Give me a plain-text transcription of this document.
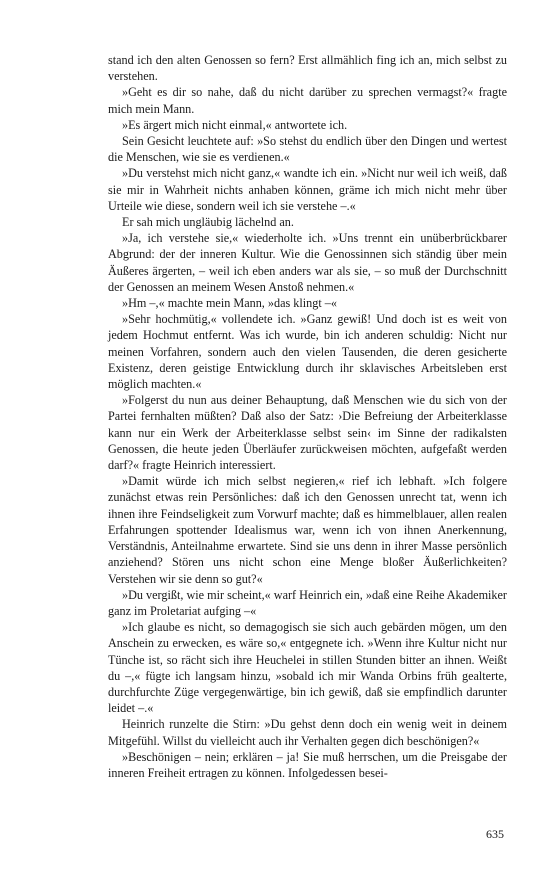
stand ich den alten Genossen so fern? Erst allmählich fing ich an, mich selbst zu verstehen.

»Geht es dir so nahe, daß du nicht darüber zu sprechen vermagst?« fragte mich mein Mann.

»Es ärgert mich nicht einmal,« antwortete ich.

Sein Gesicht leuchtete auf: »So stehst du endlich über den Dingen und wertest die Menschen, wie sie es verdienen.«

»Du verstehst mich nicht ganz,« wandte ich ein. »Nicht nur weil ich weiß, daß sie mir in Wahrheit nichts anhaben können, gräme ich mich nicht mehr über Urteile wie diese, sondern weil ich sie verstehe –.«

Er sah mich ungläubig lächelnd an.

»Ja, ich verstehe sie,« wiederholte ich. »Uns trennt ein unüberbrückbarer Abgrund: der der inneren Kultur. Wie die Genossinnen sich ständig über mein Äußeres ärgerten, – weil ich eben anders war als sie, – so muß der Durchschnitt der Genossen an meinem Wesen Anstoß nehmen.«

»Hm –,« machte mein Mann, »das klingt –«

»Sehr hochmütig,« vollendete ich. »Ganz gewiß! Und doch ist es weit von jedem Hochmut entfernt. Was ich wurde, bin ich anderen schuldig: Nicht nur meinen Vorfahren, sondern auch den vielen Tausenden, die deren gesicherte Existenz, deren geistige Entwicklung durch ihr sklavisches Arbeitsleben erst möglich machten.«

»Folgerst du nun aus deiner Behauptung, daß Menschen wie du sich von der Partei fernhalten müßten? Daß also der Satz: ›Die Befreiung der Arbeiterklasse kann nur ein Werk der Arbeiterklasse selbst sein‹ im Sinne der radikalsten Genossen, die heute jeden Überläufer zurückweisen möchten, aufgefaßt werden darf?« fragte Heinrich interessiert.

»Damit würde ich mich selbst negieren,« rief ich lebhaft. »Ich folgere zunächst etwas rein Persönliches: daß ich den Genossen unrecht tat, wenn ich ihnen ihre Feindseligkeit zum Vorwurf machte; daß es himmelblauer, allen realen Erfahrungen spottender Idealismus war, wenn ich von ihnen Anerkennung, Verständnis, Anteilnahme erwartete. Sind sie uns denn in ihrer Masse persönlich anziehend? Stören uns nicht schon eine Menge bloßer Äußerlichkeiten? Verstehen wir sie denn so gut?«

»Du vergißt, wie mir scheint,« warf Heinrich ein, »daß eine Reihe Akademiker ganz im Proletariat aufging –«

»Ich glaube es nicht, so demagogisch sie sich auch gebärden mögen, um den Anschein zu erwecken, es wäre so,« entgegnete ich. »Wenn ihre Kultur nicht nur Tünche ist, so rächt sich ihre Heuchelei in stillen Stunden bitter an ihnen. Weißt du –,« fügte ich langsam hinzu, »sobald ich mir Wanda Orbins früh gealterte, durchfurchte Züge vergegenwärtige, bin ich gewiß, daß sie empfindlich darunter leidet –.«

Heinrich runzelte die Stirn: »Du gehst denn doch ein wenig weit in deinem Mitgefühl. Willst du vielleicht auch ihr Verhalten gegen dich beschönigen?«

»Beschönigen – nein; erklären – ja! Sie muß herrschen, um die Preisgabe der inneren Freiheit ertragen zu können. Infolgedessen besei-

635
